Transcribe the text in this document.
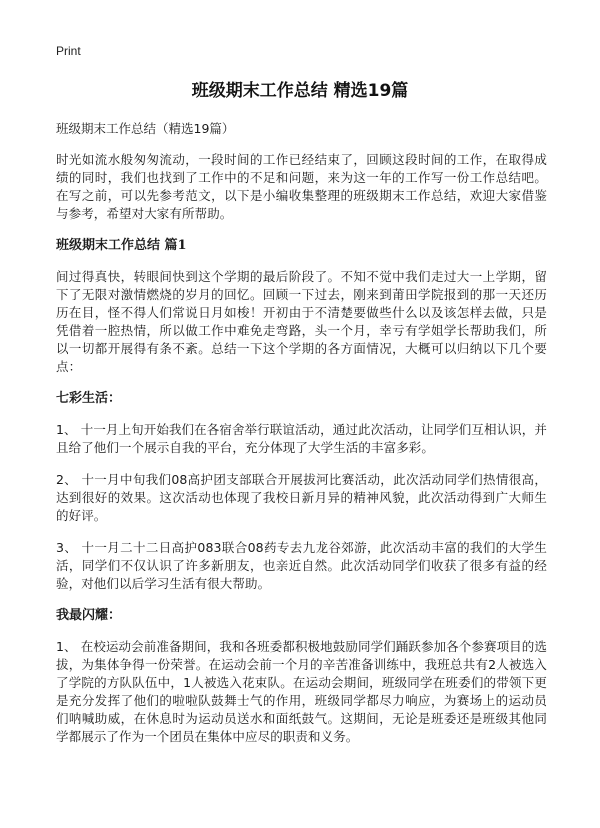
Print
班级期末工作总结 精选19篇

班级期末工作总结（精选19篇）

时光如流水般匆匆流动，一段时间的工作已经结束了，回顾这段时间的工作，在取得成绩的同时，我们也找到了工作中的不足和问题，来为这一年的工作写一份工作总结吧。在写之前，可以先参考范文，以下是小编收集整理的班级期末工作总结，欢迎大家借鉴与参考，希望对大家有所帮助。

班级期末工作总结 篇1

间过得真快，转眼间快到这个学期的最后阶段了。不知不觉中我们走过大一上学期，留下了无限对激情燃烧的岁月的回忆。回顾一下过去，刚来到莆田学院报到的那一天还历历在目，怪不得人们常说日月如梭！开初由于不清楚要做些什么以及该怎样去做，只是凭借着一腔热情，所以做工作中难免走弯路，头一个月，幸亏有学姐学长帮助我们，所以一切都开展得有条不紊。总结一下这个学期的各方面情况，大概可以归纳以下几个要点：

七彩生活：

1、 十一月上旬开始我们在各宿舍举行联谊活动，通过此次活动，让同学们互相认识，并且给了他们一个展示自我的平台，充分体现了大学生活的丰富多彩。

2、 十一月中旬我们08高护团支部联合开展拔河比赛活动，此次活动同学们热情很高，达到很好的效果。这次活动也体现了我校日新月异的精神风貌，此次活动得到广大师生的好评。

3、 十一月二十二日高护083联合08药专去九龙谷郊游，此次活动丰富的我们的大学生活，同学们不仅认识了许多新朋友，也亲近自然。此次活动同学们收获了很多有益的经验，对他们以后学习生活有很大帮助。

我最闪耀：

1、 在校运动会前准备期间，我和各班委都积极地鼓励同学们踊跃参加各个参赛项目的选拔，为集体争得一份荣誉。在运动会前一个月的辛苦准备训练中，我班总共有2人被选入了学院的方队队伍中，1人被选入花束队。在运动会期间，班级同学在班委们的带领下更是充分发挥了他们的啦啦队鼓舞士气的作用，班级同学都尽力响应，为赛场上的运动员们呐喊助威，在休息时为运动员送水和面纸鼓气。这期间，无论是班委还是班级其他同学都展示了作为一个团员在集体中应尽的职责和义务。
